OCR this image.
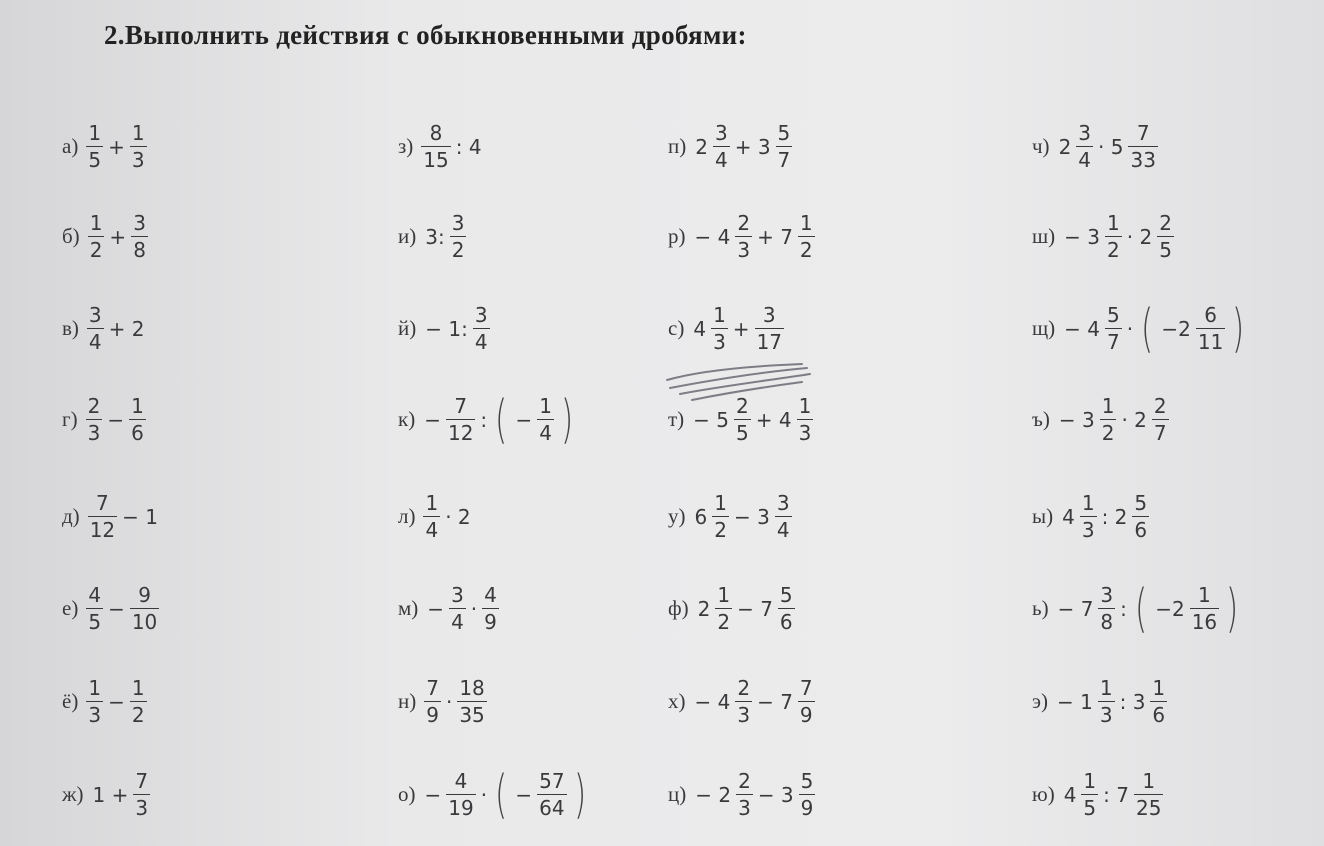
2.Выполнить действия с обыкновенными дробями:
$а) \frac{1}{5} + \frac{1}{3}$
$б) \frac{1}{2} + \frac{3}{8}$
$в) \frac{3}{4} + 2$
$г) \frac{2}{3} - \frac{1}{6}$
$д) \frac{7}{12} - 1$
$е) \frac{4}{5} - \frac{9}{10}$
$ё) \frac{1}{3} - \frac{1}{2}$
ж) $1 + \frac{7}{3}$
$з) \frac{8}{15}$ : 4
и) 3: $\frac{3}{2}$
й) − 1: $\frac{3}{4}$
$к) - \frac{7}{12}$ : ( − $\frac{1}{4}$ )
$л) \frac{1}{4} \cdot 2$
$м) - \frac{3}{4} \cdot \frac{4}{9}$
$н) \frac{7}{9} \cdot \frac{18}{35}$
$о) - \frac{4}{19}$ · ( − $\frac{57}{64}$ )
п) $2 \frac{3}{4} + 3 \frac{5}{7}$
$р) - 4 \frac{2}{3} + 7 \frac{1}{2}$
с) $4 \frac{1}{3} + \frac{3}{17}$
$т) - 5 \frac{2}{5} + 4 \frac{1}{3}$
у) $6 \frac{1}{2} - 3 \frac{3}{4}$
ф) $2 \frac{1}{2} - 7 \frac{5}{6}$
$х) - 4 \frac{2}{3} - 7 \frac{7}{9}$
$ц) - 2 \frac{2}{3} - 3 \frac{5}{9}$
ч) $2 \frac{3}{4} \cdot 5 \frac{7}{33}$
$ш) - 3 \frac{1}{2} \cdot 2 \frac{2}{5}$
$щ) - 4 \frac{5}{7}$ · ( $-2 \frac{6}{11}$ )
$ъ) - 3 \frac{1}{2} \cdot 2 \frac{2}{7}$
ы) $4 \frac{1}{3}$ : $2 \frac{5}{6}$
$ь) - 7 \frac{3}{8}$ : ( $-2 \frac{1}{16}$ )
$э) - 1 \frac{1}{3}$ : $3 \frac{1}{6}$
ю) $4 \frac{1}{5}$ : $7 \frac{1}{25}$
